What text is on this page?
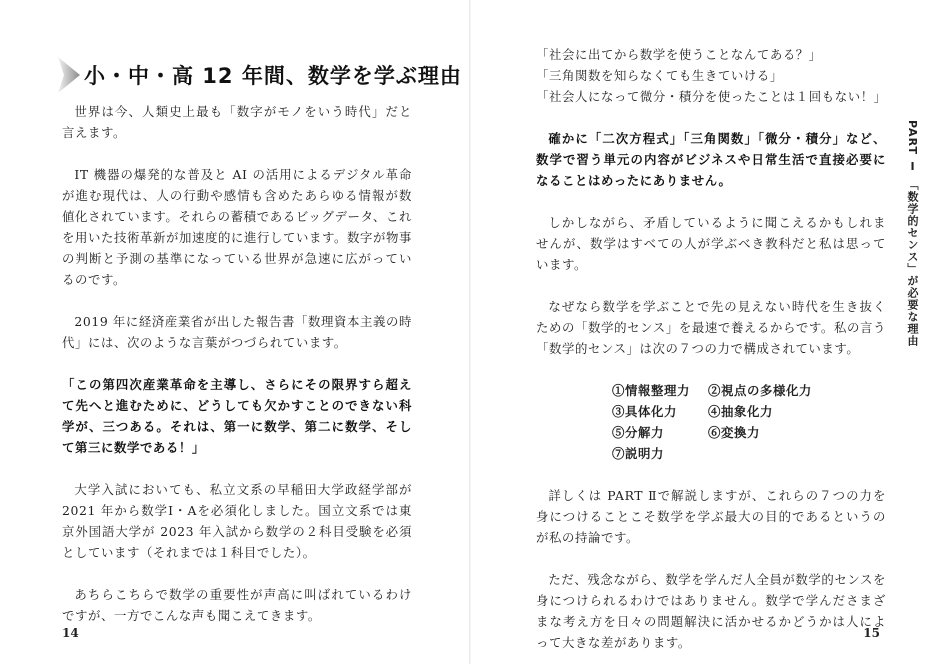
小・中・高 12 年間、数学を学ぶ理由

世界は今、人類史上最も「数字がモノをいう時代」だと言えます。

IT 機器の爆発的な普及と AI の活用によるデジタル革命が進む現代は、人の行動や感情も含めたあらゆる情報が数値化されています。それらの蓄積であるビッグデータ、これを用いた技術革新が加速度的に進行しています。数字が物事の判断と予測の基準になっている世界が急速に広がっているのです。

2019 年に経済産業省が出した報告書「数理資本主義の時代」には、次のような言葉がつづられています。

「この第四次産業革命を主導し、さらにその限界すら超えて先へと進むために、どうしても欠かすことのできない科学が、三つある。それは、第一に数学、第二に数学、そして第三に数学である！」

大学入試においても、私立文系の早稲田大学政経学部が 2021 年から数学Ⅰ・Aを必須化しました。国立文系では東京外国語大学が 2023 年入試から数学の２科目受験を必須としています（それまでは１科目でした）。

あちらこちらで数学の重要性が声高に叫ばれているわけですが、一方でこんな声も聞こえてきます。

14

「社会に出てから数学を使うことなんてある？」

「三角関数を知らなくても生きていける」

「社会人になって微分・積分を使ったことは１回もない！」

確かに「二次方程式」「三角関数」「微分・積分」など、数学で習う単元の内容がビジネスや日常生活で直接必要になることはめったにありません。

しかしながら、矛盾しているように聞こえるかもしれませんが、数学はすべての人が学ぶべき教科だと私は思っています。

なぜなら数学を学ぶことで先の見えない時代を生き抜くための「数学的センス」を最速で養えるからです。私の言う「数学的センス」は次の７つの力で構成されています。

①情報整理力	②視点の多様化力
③具体化力	④抽象化力
⑤分解力	⑥変換力
⑦説明力

詳しくは PART Ⅱで解説しますが、これらの７つの力を身につけることこそ数学を学ぶ最大の目的であるというのが私の持論です。

ただ、残念ながら、数学を学んだ人全員が数学的センスを身につけられるわけではありません。数学で学んださまざまな考え方を日々の問題解決に活かせるかどうかは人によって大きな差があります。

PART Ⅰ 「数学的センス」が必要な理由
15
